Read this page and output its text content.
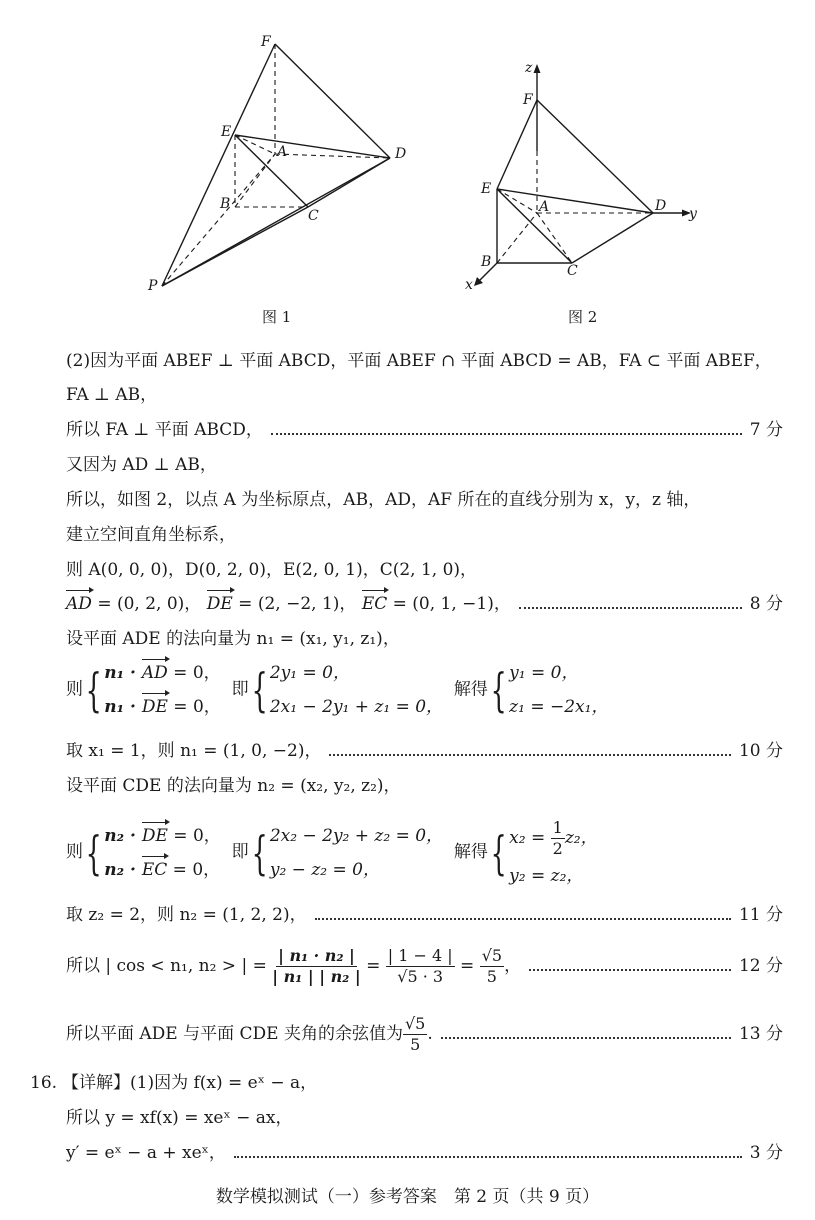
F
E
A	D
B
C
P
图 1
z
F
E
A	D y
B
C
x
图 2
(2)因为平面 ABEF ⊥ 平面 ABCD，平面 ABEF ∩ 平面 ABCD = AB，FA ⊂ 平面 ABEF，
FA ⊥ AB，
所以 FA ⊥ 平面 ABCD，	7 分
又因为 AD ⊥ AB，
所以，如图 2，以点 A 为坐标原点，AB，AD，AF 所在的直线分别为 x，y，z 轴，
建立空间直角坐标系，
则 A(0, 0, 0)，D(0, 2, 0)，E(2, 0, 1)，C(2, 1, 0)，
AD = (0, 2, 0)， DE = (2, −2, 1)， EC = (0, 1, −1)，	8 分
设平面 ADE 的法向量为 n₁ = (x₁, y₁, z₁)，
则{ n₁ · AD = 0，
n₁ · DE = 0，
即{ 2y₁ = 0，
2x₁ − 2y₁ + z₁ = 0，
解得{ y₁ = 0，
z₁ = −2x₁，
取 x₁ = 1，则 n₁ = (1, 0, −2)，	10 分
设平面 CDE 的法向量为 n₂ = (x₂, y₂, z₂)，
则{ n₂ · DE = 0，
n₂ · EC = 0，
即{ 2x₂ − 2y₂ + z₂ = 0，
y₂ − z₂ = 0，
解得{ $x_2 = \frac{1}{2} z_2$，
y₂ = z₂，
取 z₂ = 2，则 n₂ = (1, 2, 2)，	11 分
所以 | cos < n₁, n₂ > | = $\frac{\text{| n₁ · n₂ |}}{\text{| n₁ | | n₂ |}} = \frac{| 1 - 4 |}{√5 \cdot 3} = \frac{√5}{5}$ ，	12 分
所以平面 ADE 与平面 CDE 夹角的余弦值为 $\frac{√5}{5}$ .	13 分
16. 【详解】(1)因为 f(x) = eˣ − a，
所以 y = xf(x) = xeˣ − ax，
y′ = eˣ − a + xeˣ，	3 分
数学模拟测试（一）参考答案　第 2 页（共 9 页）
